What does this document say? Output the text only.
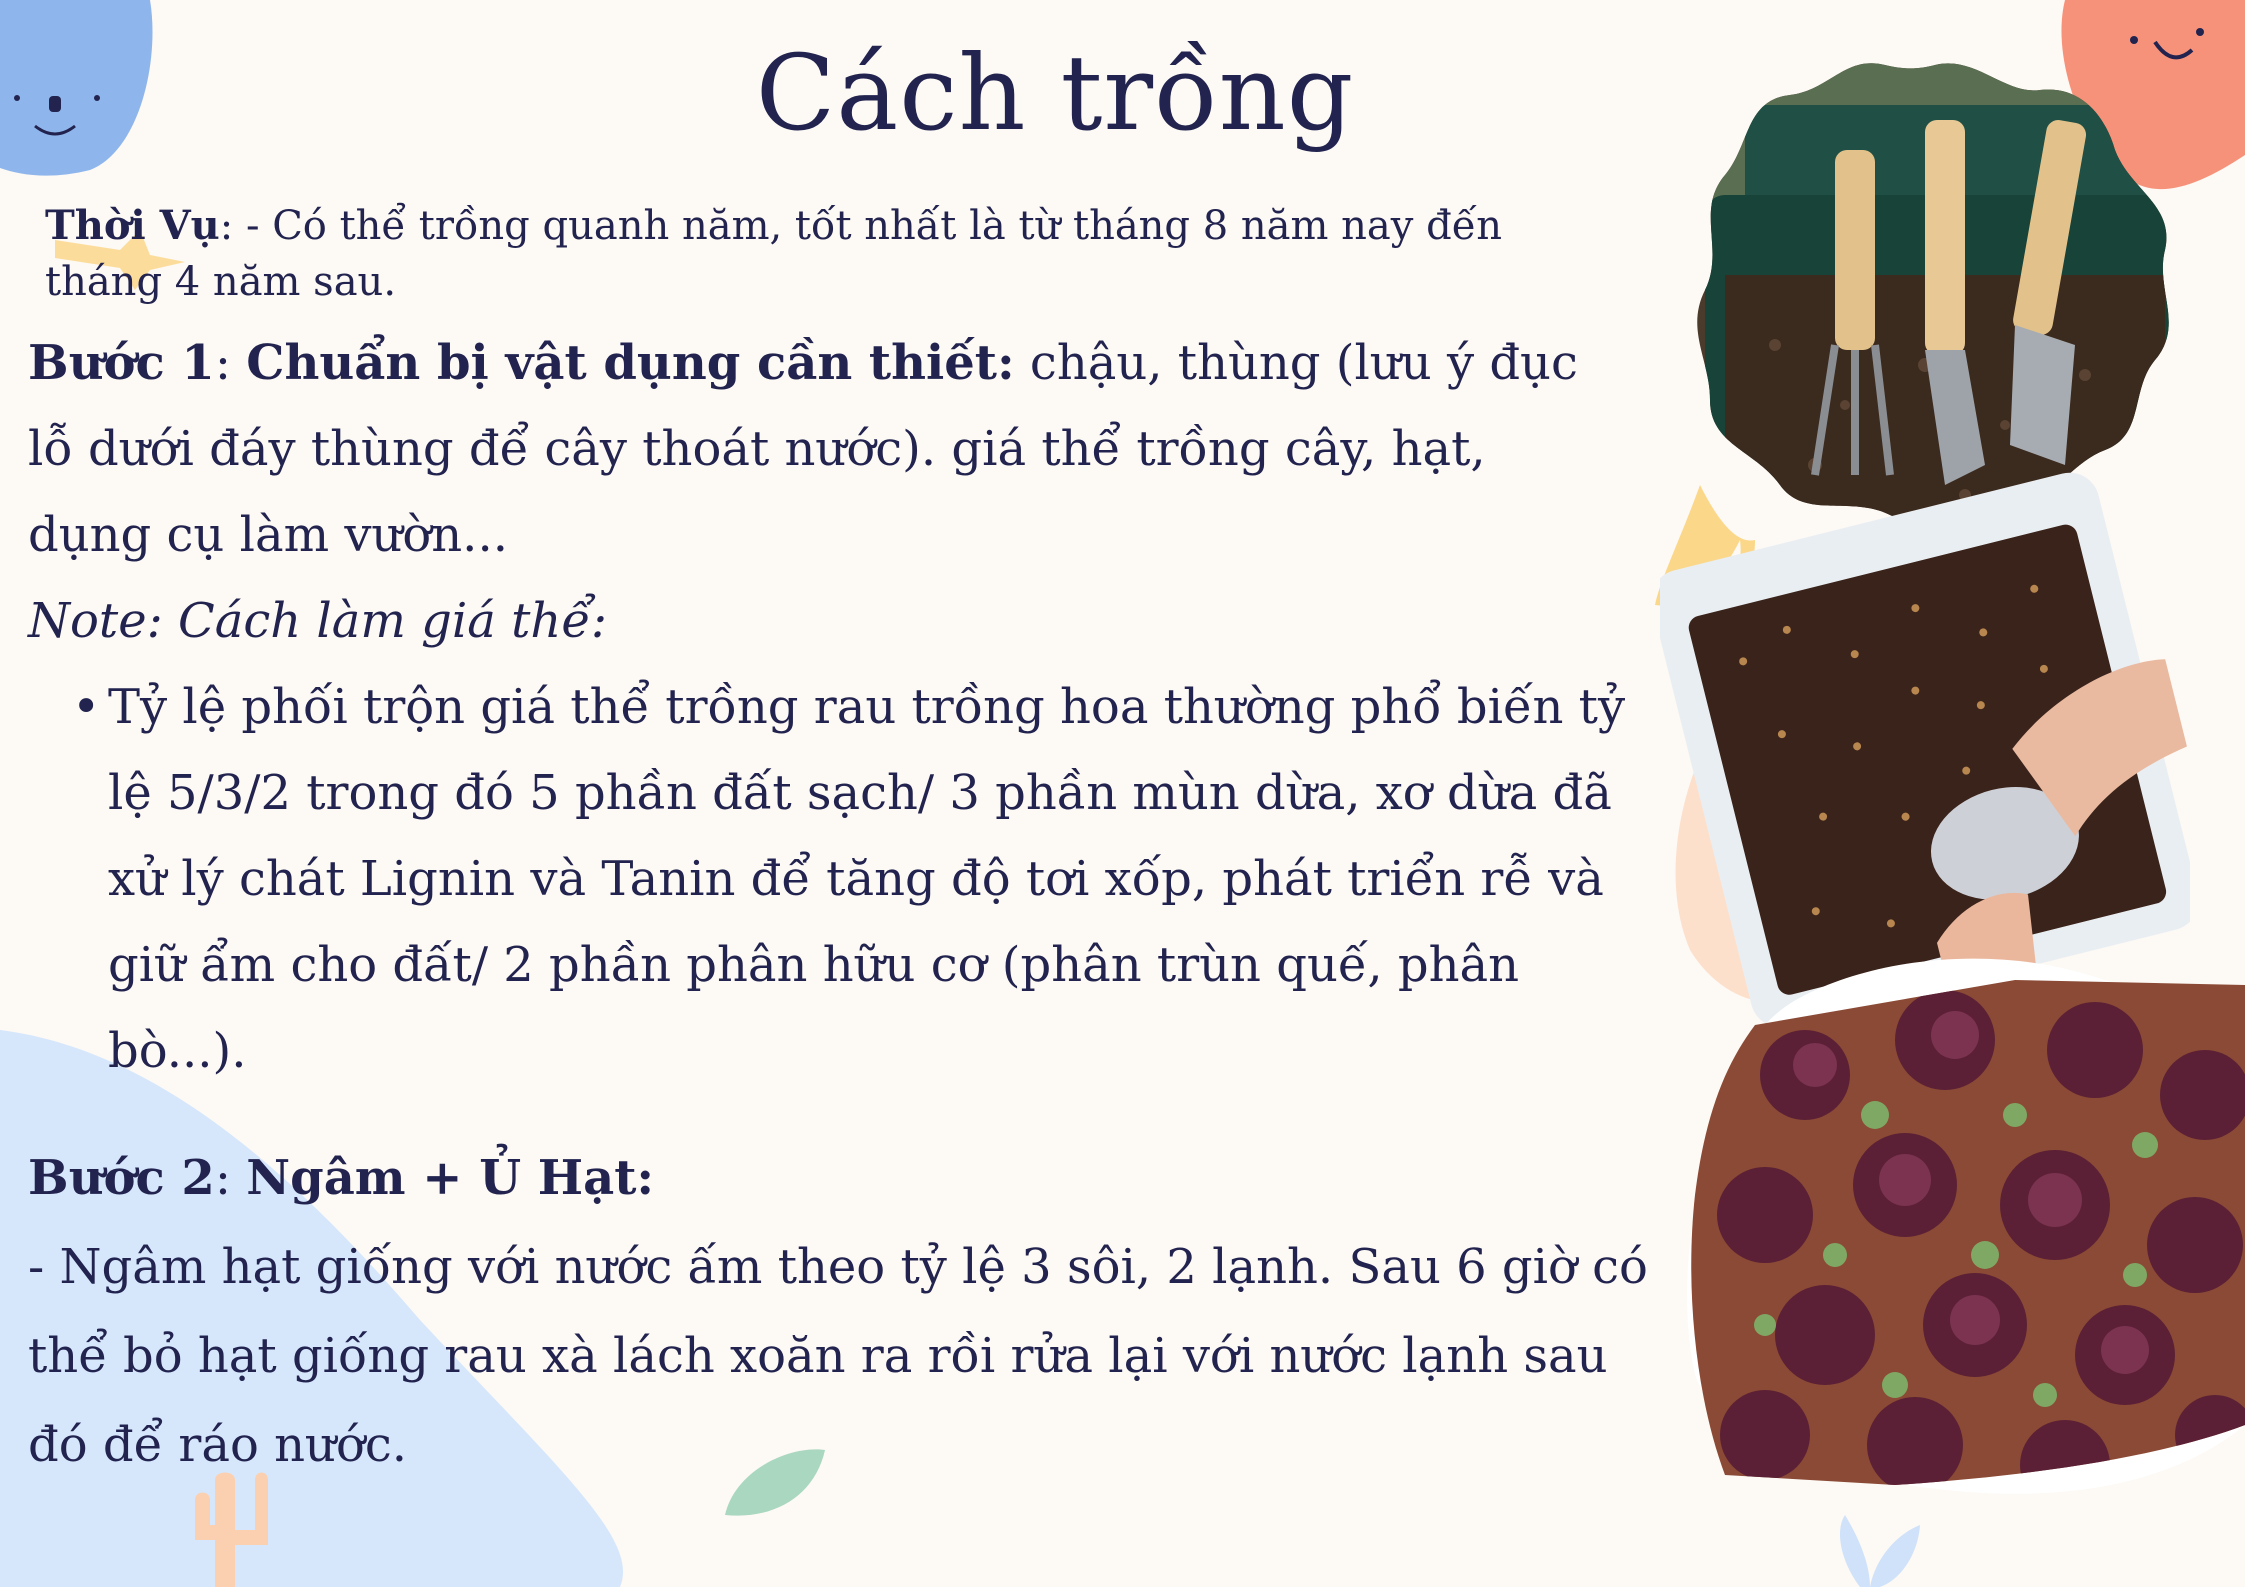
Cách trồng
Thời Vụ: - Có thể trồng quanh năm, tốt nhất là từ tháng 8 năm nay đến tháng 4 năm sau.
Bước 1: Chuẩn bị vật dụng cần thiết: chậu, thùng (lưu ý đục lỗ dưới đáy thùng để cây thoát nước). giá thể trồng cây, hạt, dụng cụ làm vườn...
Note: Cách làm giá thể:
• Tỷ lệ phối trộn giá thể trồng rau trồng hoa thường phổ biến tỷ lệ 5/3/2 trong đó 5 phần đất sạch/ 3 phần mùn dừa, xơ dừa đã xử lý chát Lignin và Tanin để tăng độ tơi xốp, phát triển rễ và giữ ẩm cho đất/ 2 phần phân hữu cơ (phân trùn quế, phân bò...).
Bước 2: Ngâm + Ủ Hạt:
- Ngâm hạt giống với nước ấm theo tỷ lệ 3 sôi, 2 lạnh. Sau 6 giờ có thể bỏ hạt giống rau xà lách xoăn ra rồi rửa lại với nước lạnh sau đó để ráo nước.
